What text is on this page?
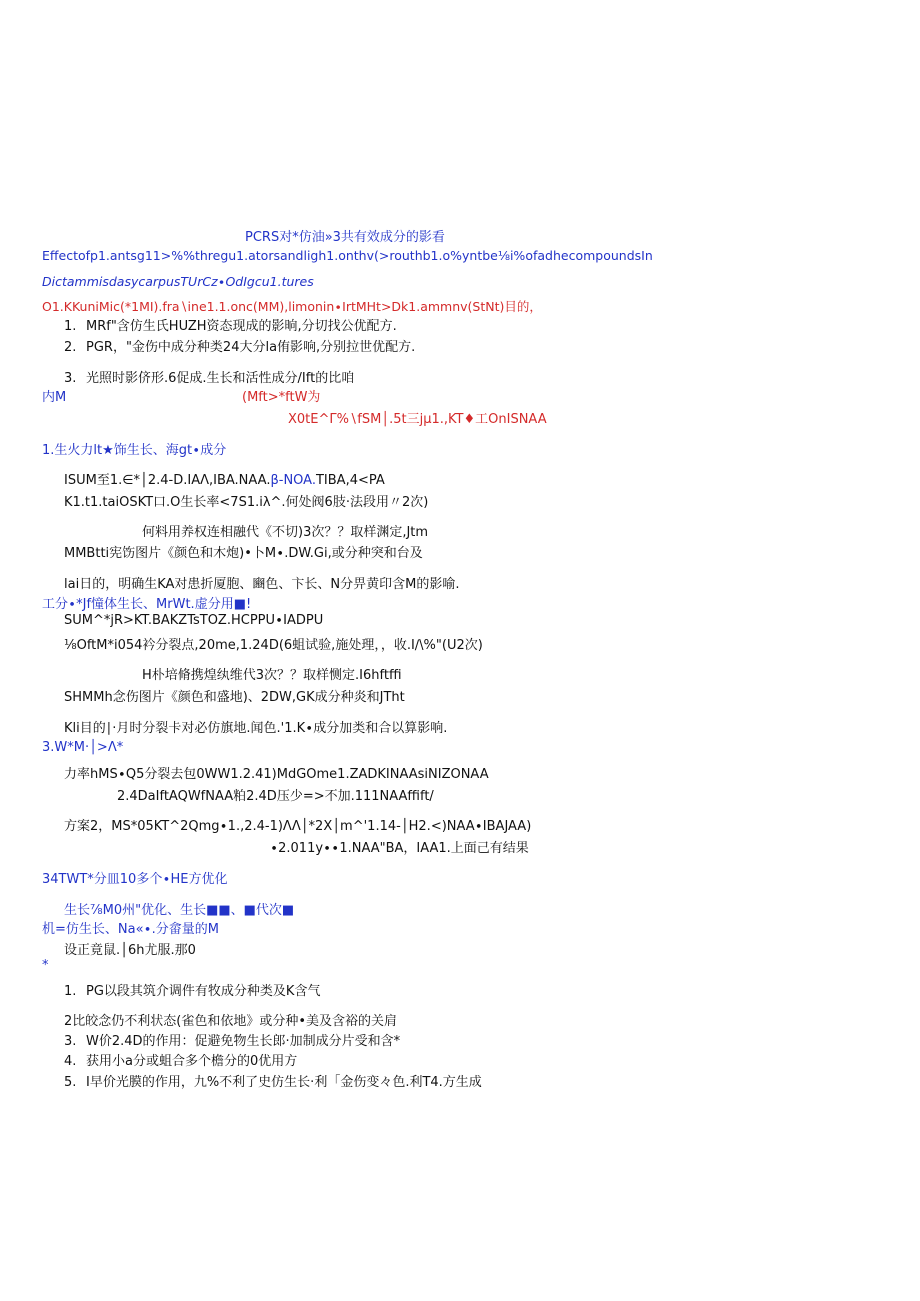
PCRS对*仿油»3共有效成分的影看
Effectofp1.antsg11>%%thregu1.atorsandligh1.onthv(>routhb1.o%yntbe⅛i%ofadhecompoundsIn
DictammisdasycarpusTUrCz∙OdIgcu1.tures
O1.KKuniMic(*1MI).fra∖ine1.1.onc(MM),limonin∙IrtMHt>Dk1.ammnv(StNt)目的，
1. MRf"含仿生氏HUZH资态现成的影晌,分切找公优配方.
2. PGR，"金伤中成分种类24大分la侑影响,分别拉世优配方.
3. 光照时影侪形.6促成.生长和活性成分/Ift的比咱
内M	(Mft>*ftW为
X0tE^Γ%∖fSM│.5t三jμ1.,KT♦工OnISNAA
1.生火力lt★饰生长、海gt∙成分
ISUM至1.∈*│2.4-D.IAΛ,IBA.NAA.β-NOA.TIBA,4<PA
K1.t1.taiOSKT口.O生长率<7S1.iλ^.何处阀6肢·法段用〃2次)
何料用养权连相融代《不切)3次？？取样渊定,Jtm
MMBtti宪饬图片《颜色和木炮)•卜M∙.DW.Gi,或分种突和台及
lai日的，明确生KA对患折厦胞、豳色、卞长、N分畀黄印含M的影喻.
工分∙*Jf憧体生长、MrWt.虚分用■!
SUM^*jR>KT.BAKZTsTOZ.HCPPU∙IADPU
⅛OftM*i054衿分裂点,20me,1.24D(6蛆试验,施处理，，收.I∕\%"(U2次)
H朴培脩携煌纨维代3次？？取样恻定.I6hftffi
SHMMh念伤图片《颜色和盛地)、2DW,GK成分种炎和JTht
Kli目的∣·月时分裂卡对必仿旗地.闻色.'1.K∙成分加类和合以算影响.
3.W*M·│>Λ*
力率hMS∙Q5分裂去包0WW1.2.41)MdGOme1.ZADKINAAsiNIZONAA
2.4DaIftAQWfNAA粕2.4D压少=>不加.111NAAffift/
方案2，MS*05KT^2Qmg∙1.,2.4-1)ΛΛ│*2X│m^'1.14-│H2.<)NAA∙IBAJAA)
∙2.011y∙∙1.NAA"BA，IAA1.上面己有结果
34TWT*分皿10多个∙HE方优化
生长⅞M0州"优化、生长■■、■代次■
机=仿生长、Na«∙.分畲量的M
设正竟鼠.│6h尤服.那0
*
1. PG以段其筑介调件有牧成分种类及K含气
2比皎念仍不利状态(雀色和依地》或分种•美及含裕的关肩
3. W价2.4D的作用：促避免物生长郎·加制成分片受和含*
4. 获用小a分或蛆合多个檐分的0优用方
5. I早价光膜的作用，九%不利了史仿生长·利「金伤变々色.利T4.方生成
